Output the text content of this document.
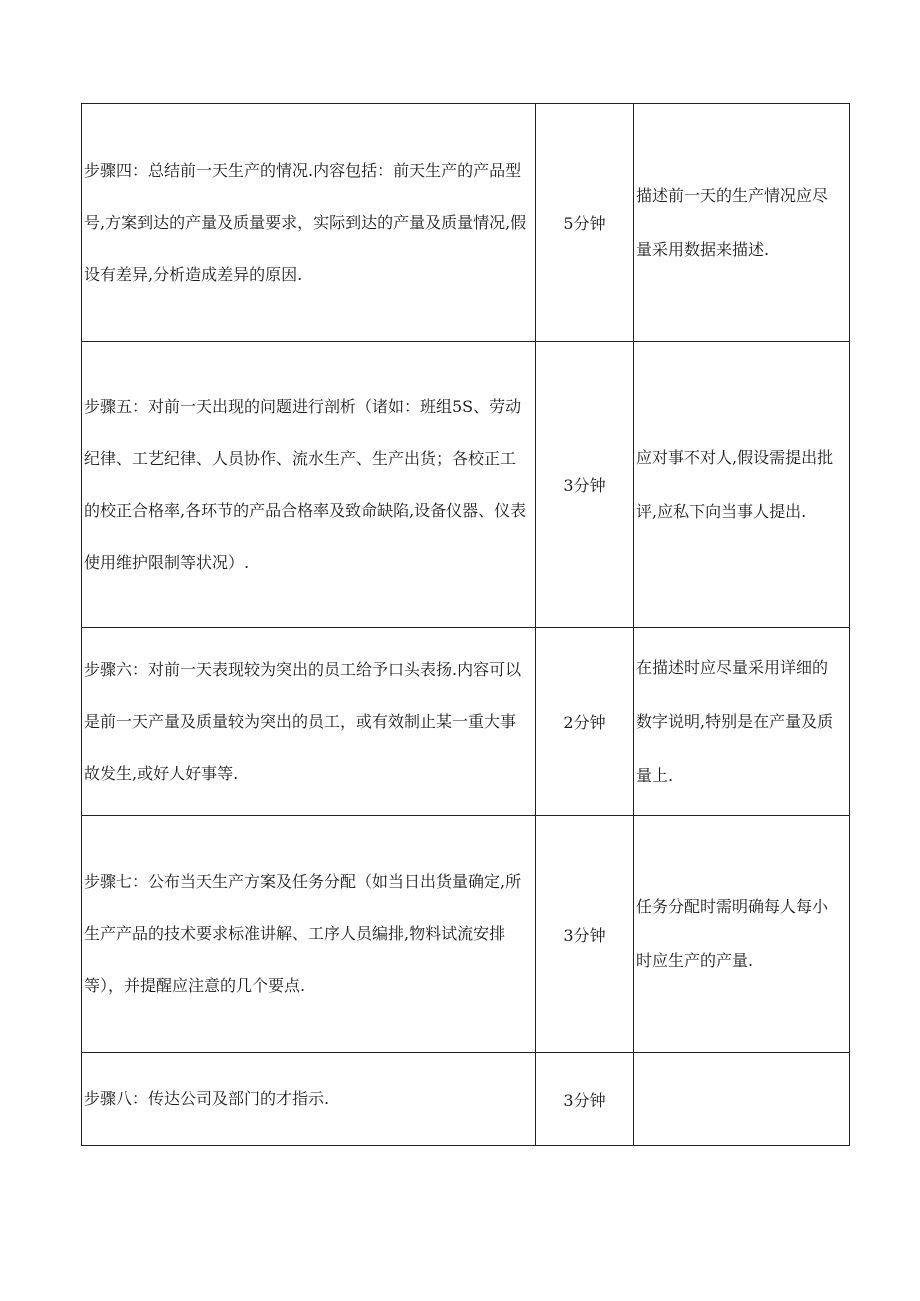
步骤四：总结前一天生产的情况.内容包括：前天生产的产品型号,方案到达的产量及质量要求，实际到达的产量及质量情况,假设有差异,分析造成差异的原因.	5分钟	描述前一天的生产情况应尽量采用数据来描述.

步骤五：对前一天出现的问题进行剖析（诸如：班组5S、劳动纪律、工艺纪律、人员协作、流水生产、生产出货；各校正工的校正合格率,各环节的产品合格率及致命缺陷,设备仪器、仪表使用维护限制等状况）.	3分钟	应对事不对人,假设需提出批评,应私下向当事人提出.

步骤六：对前一天表现较为突出的员工给予口头表扬.内容可以是前一天产量及质量较为突出的员工，或有效制止某一重大事故发生,或好人好事等.	2分钟	在描述时应尽量采用详细的数字说明,特别是在产量及质量上.

步骤七：公布当天生产方案及任务分配（如当日出货量确定,所生产产品的技术要求标准讲解、工序人员编排,物料试流安排等），并提醒应注意的几个要点.	3分钟	任务分配时需明确每人每小时应生产的产量.

步骤八：传达公司及部门的才指示.	3分钟	
